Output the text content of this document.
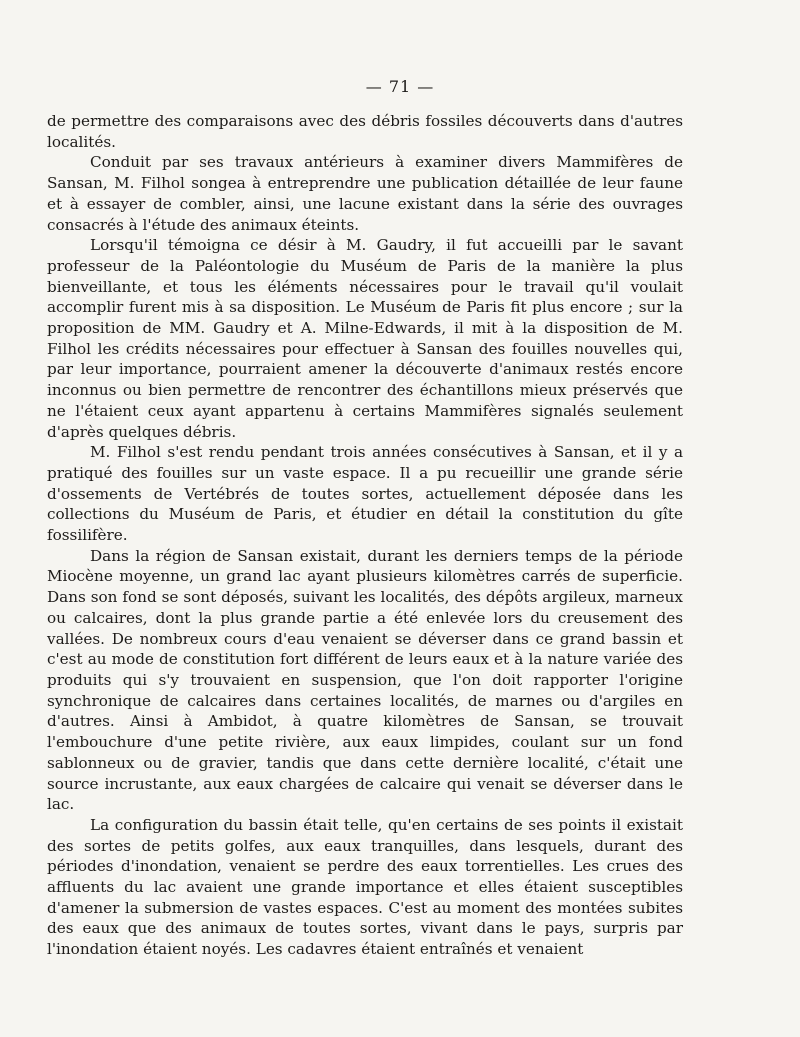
— 71 —

de permettre des comparaisons avec des débris fossiles découverts dans d'autres localités.

Conduit par ses travaux antérieurs à examiner divers Mammifères de Sansan, M. Filhol songea à entreprendre une publication détaillée de leur faune et à essayer de combler, ainsi, une lacune existant dans la série des ouvrages consacrés à l'étude des animaux éteints.

Lorsqu'il témoigna ce désir à M. Gaudry, il fut accueilli par le savant professeur de la Paléontologie du Muséum de Paris de la manière la plus bienveillante, et tous les éléments nécessaires pour le travail qu'il voulait accomplir furent mis à sa disposition. Le Muséum de Paris fit plus encore ; sur la proposition de MM. Gaudry et A. Milne-Edwards, il mit à la disposition de M. Filhol les crédits nécessaires pour effectuer à Sansan des fouilles nouvelles qui, par leur importance, pourraient amener la découverte d'animaux restés encore inconnus ou bien permettre de rencontrer des échantillons mieux préservés que ne l'étaient ceux ayant appartenu à certains Mammifères signalés seulement d'après quelques débris.

M. Filhol s'est rendu pendant trois années consécutives à Sansan, et il y a pratiqué des fouilles sur un vaste espace. Il a pu recueillir une grande série d'ossements de Vertébrés de toutes sortes, actuellement déposée dans les collections du Muséum de Paris, et étudier en détail la constitution du gîte fossilifère.

Dans la région de Sansan existait, durant les derniers temps de la période Miocène moyenne, un grand lac ayant plusieurs kilomètres carrés de superficie. Dans son fond se sont déposés, suivant les localités, des dépôts argileux, marneux ou calcaires, dont la plus grande partie a été enlevée lors du creusement des vallées. De nombreux cours d'eau venaient se déverser dans ce grand bassin et c'est au mode de constitution fort différent de leurs eaux et à la nature variée des produits qui s'y trouvaient en suspension, que l'on doit rapporter l'origine synchronique de calcaires dans certaines localités, de marnes ou d'argiles en d'autres. Ainsi à Ambidot, à quatre kilomètres de Sansan, se trouvait l'embouchure d'une petite rivière, aux eaux limpides, coulant sur un fond sablonneux ou de gravier, tandis que dans cette dernière localité, c'était une source incrustante, aux eaux chargées de calcaire qui venait se déverser dans le lac.

La configuration du bassin était telle, qu'en certains de ses points il existait des sortes de petits golfes, aux eaux tranquilles, dans lesquels, durant des périodes d'inondation, venaient se perdre des eaux torrentielles. Les crues des affluents du lac avaient une grande importance et elles étaient susceptibles d'amener la submersion de vastes espaces. C'est au moment des montées subites des eaux que des animaux de toutes sortes, vivant dans le pays, surpris par l'inondation étaient noyés. Les cadavres étaient entraînés et venaient
